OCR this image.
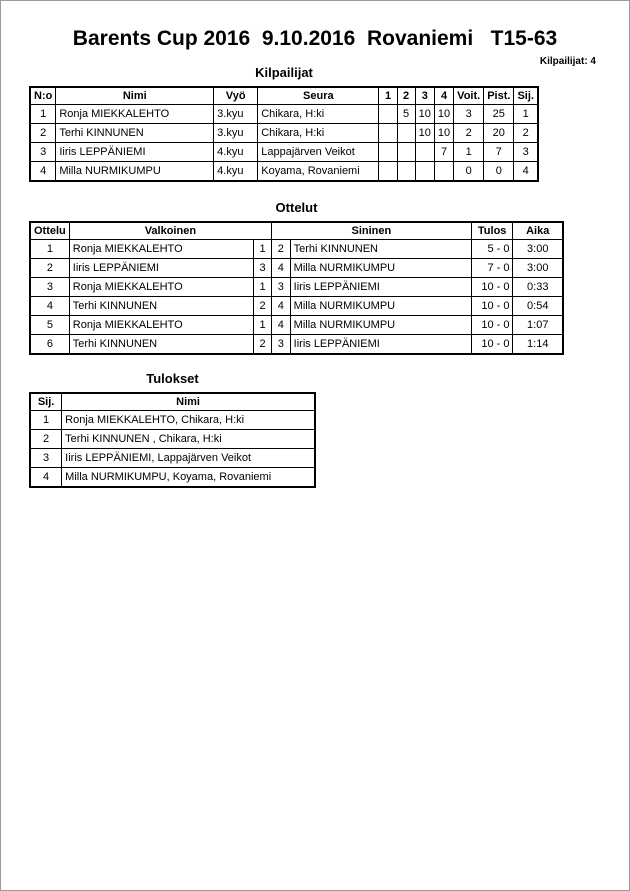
Barents Cup 2016  9.10.2016  Rovaniemi   T15-63
Kilpailijat: 4
Kilpailijat
N:o	Nimi	Vyö	Seura	1	2	3	4	Voit.	Pist.	Sij.
1	Ronja MIEKKALEHTO	3.kyu	Chikara, H:ki		5	10	10	3	25	1
2	Terhi KINNUNEN	3.kyu	Chikara, H:ki			10	10	2	20	2
3	Iiris LEPPÄNIEMI	4.kyu	Lappajärven Veikot				7	1	7	3
4	Milla NURMIKUMPU	4.kyu	Koyama, Rovaniemi					0	0	4
Ottelut
Ottelu	Valkoinen		Sininen		Tulos	Aika
1	Ronja MIEKKALEHTO	1	2	Terhi KINNUNEN	5 - 0	3:00
2	Iiris LEPPÄNIEMI	3	4	Milla NURMIKUMPU	7 - 0	3:00
3	Ronja MIEKKALEHTO	1	3	Iiris LEPPÄNIEMI	10 - 0	0:33
4	Terhi KINNUNEN	2	4	Milla NURMIKUMPU	10 - 0	0:54
5	Ronja MIEKKALEHTO	1	4	Milla NURMIKUMPU	10 - 0	1:07
6	Terhi KINNUNEN	2	3	Iiris LEPPÄNIEMI	10 - 0	1:14
Tulokset
Sij.	Nimi
1	Ronja MIEKKALEHTO, Chikara, H:ki
2	Terhi KINNUNEN , Chikara, H:ki
3	Iiris LEPPÄNIEMI, Lappajärven Veikot
4	Milla NURMIKUMPU, Koyama, Rovaniemi
